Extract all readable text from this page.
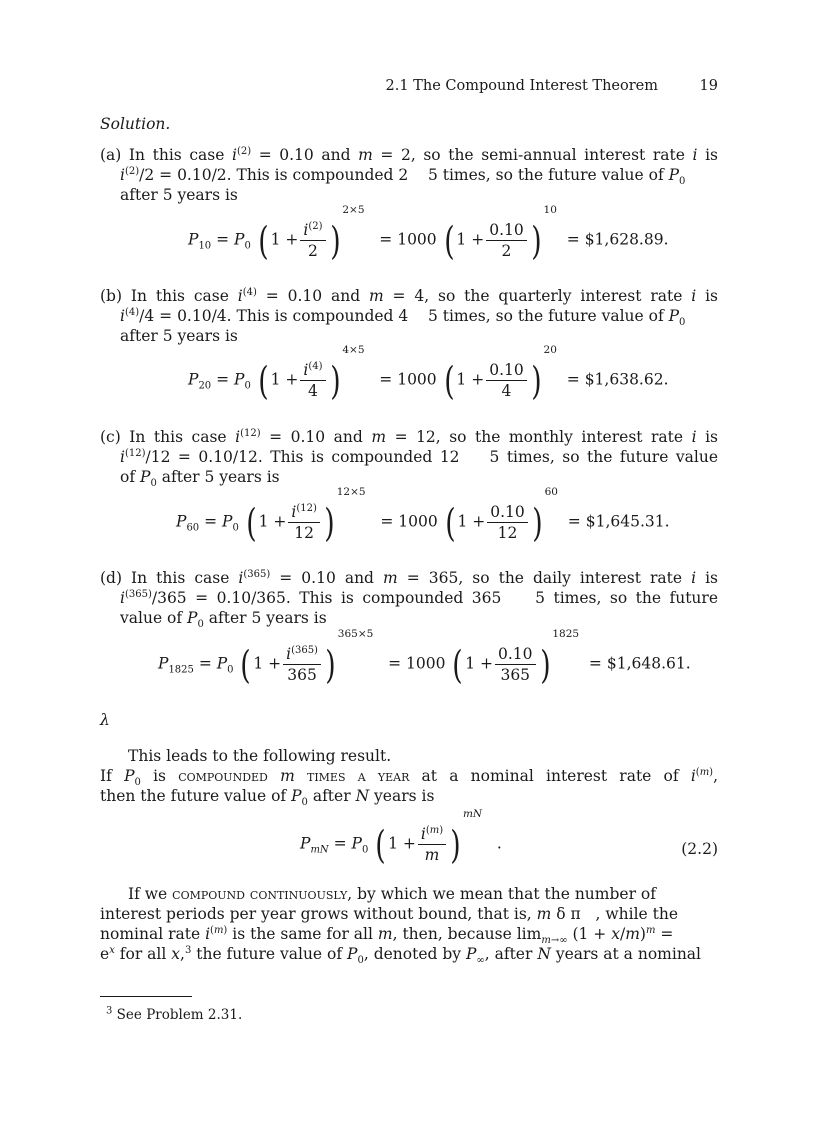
2.1 The Compound Interest Theorem	19
Solution.
(a) In this case $i^{(2)} = 0.10$ and m = 2, so the semi-annual interest rate i is
$i^{(2)}/2 = 0.10/2$. This is compounded 2    5 times, so the future value of $P_0$
after 5 years is
$P_{10} = P_0$ ( $1 + \frac{i^{(2)}}{2} )2\times 5 = 1000$ ( $1 + \frac{0.10}{2} )10$  = $1,628.89.
(b) In this case $i^{(4)} = 0.10$ and m = 4, so the quarterly interest rate i is
$i^{(4)}/4 = 0.10/4$. This is compounded 4    5 times, so the future value of $P_0$
after 5 years is
$P_{20} = P_0$ ( $1 + \frac{i^{(4)}}{4} )4\times 5 = 1000$ ( $1 + \frac{0.10}{4} )20$  = $1,638.62.
(c) In this case $i^{(12)} = 0.10$ and m = 12, so the monthly interest rate i is
$i^{(12)}/12 = 0.10/12$. This is compounded 12    5 times, so the future value
of $P_0$ after 5 years is
$P_{60} = P_0$ ( $1 + \frac{i^{(12)}}{12} )12\times 5 = 1000$ ( $1 + \frac{0.10}{12} )60$  = $1,645.31.
(d) In this case $i^{(365)} = 0.10$ and m = 365, so the daily interest rate i is
$i^{(365)}/365 = 0.10/365$. This is compounded 365    5 times, so the future
value of $P_0$ after 5 years is
$P_{1825} = P_0$ ( $1 + \frac{i^{(365)}}{365} )365\times 5 = 1000$ ( $1 + \frac{0.10}{365} )1825$  = $1,648.61.
λ
This leads to the following result.
If $P_0$ is compounded m times a year at a nominal interest rate of $i^{(m)}$,
then the future value of $P_0$ after N years is
$P_{mN} = P_0$ ( $1 + \frac{i^{(m)}}{m} )mN$   .	(2.2)
If we compound continuously, by which we mean that the number of
interest periods per year grows without bound, that is, m δ π   , while the
nominal rate $i^{(m)}$ is the same for all m, then, because $\lim_{m\to\infty} (1 + x/m)^m$ =
$e^x$ for all x,$^3$ the future value of $P_0$, denoted by $P_\infty$, after N years at a nominal
$^3$ See Problem 2.31.
